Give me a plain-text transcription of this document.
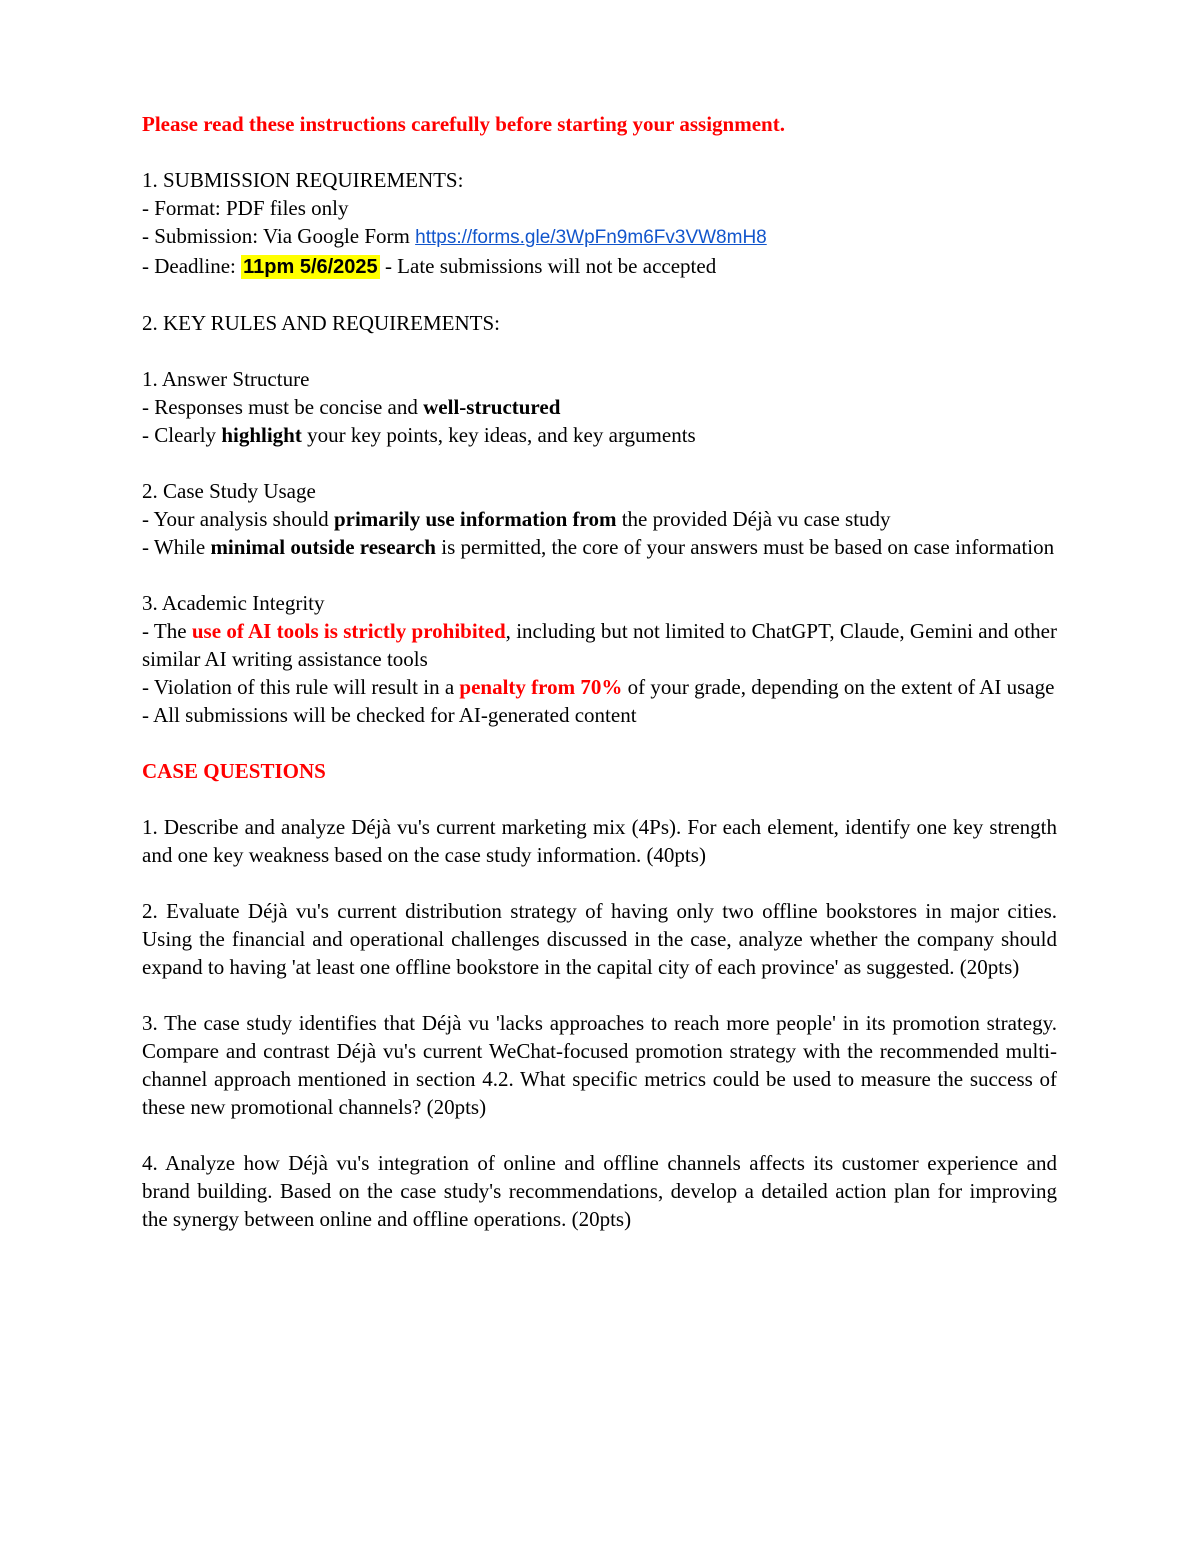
Please read these instructions carefully before starting your assignment.

1. SUBMISSION REQUIREMENTS:

- Format: PDF files only

- Submission: Via Google Form https://forms.gle/3WpFn9m6Fv3VW8mH8

- Deadline: 11pm 5/6/2025 - Late submissions will not be accepted

2. KEY RULES AND REQUIREMENTS:

1. Answer Structure

- Responses must be concise and well-structured

- Clearly highlight your key points, key ideas, and key arguments

2. Case Study Usage

- Your analysis should primarily use information from the provided Déjà vu case study

- While minimal outside research is permitted, the core of your answers must be based on case information

3. Academic Integrity

- The use of AI tools is strictly prohibited, including but not limited to ChatGPT, Claude, Gemini and other similar AI writing assistance tools

- Violation of this rule will result in a penalty from 70% of your grade, depending on the extent of AI usage

- All submissions will be checked for AI-generated content

CASE QUESTIONS

1. Describe and analyze Déjà vu's current marketing mix (4Ps). For each element, identify one key strength and one key weakness based on the case study information. (40pts)

2. Evaluate Déjà vu's current distribution strategy of having only two offline bookstores in major cities. Using the financial and operational challenges discussed in the case, analyze whether the company should expand to having 'at least one offline bookstore in the capital city of each province' as suggested. (20pts)

3. The case study identifies that Déjà vu 'lacks approaches to reach more people' in its promotion strategy. Compare and contrast Déjà vu's current WeChat-focused promotion strategy with the recommended multi-channel approach mentioned in section 4.2. What specific metrics could be used to measure the success of these new promotional channels? (20pts)

4. Analyze how Déjà vu's integration of online and offline channels affects its customer experience and brand building. Based on the case study's recommendations, develop a detailed action plan for improving the synergy between online and offline operations. (20pts)
